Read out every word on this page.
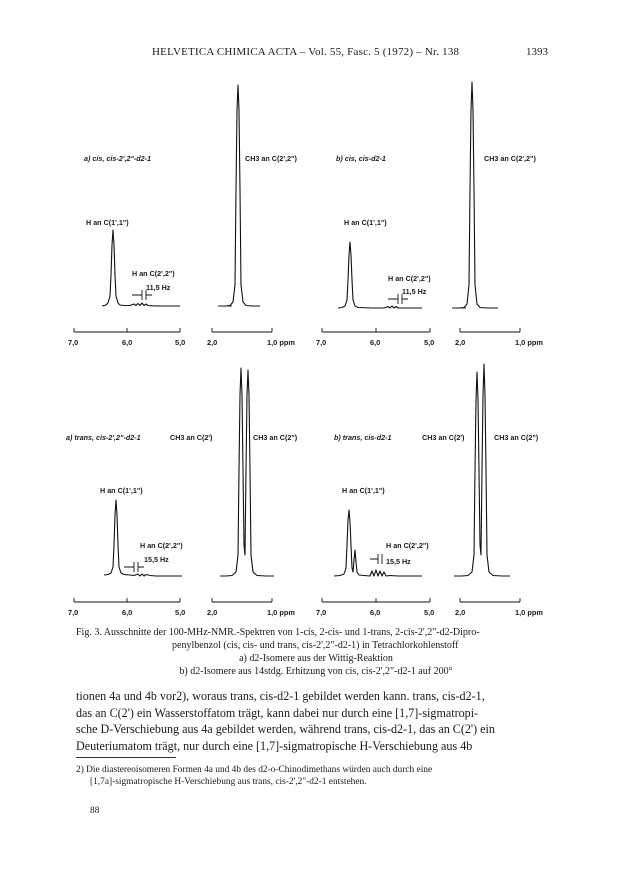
HELVETICA CHIMICA ACTA – Vol. 55, Fasc. 5 (1972) – Nr. 138	1393
a) cis, cis-2',2"-d2-1
H an C(1',1")
H an C(2',2")
11,5 Hz
CH3 an C(2',2")
7,0	6,0	5,0	2,0	1,0 ppm
b) cis, cis-d2-1
H an C(1',1")
H an C(2',2")
11,5 Hz
CH3 an C(2',2")
7,0	6,0	5,0	2,0	1,0 ppm
a) trans, cis-2',2"-d2-1	CH3 an C(2')	CH3 an C(2")
H an C(1',1")
H an C(2',2")
15,5 Hz
7,0	6,0	5,0	2,0	1,0 ppm
b) trans, cis-d2-1	CH3 an C(2')	CH3 an C(2")
H an C(1',1")
H an C(2',2")
15,5 Hz
7,0	6,0	5,0	2,0	1,0 ppm
Fig. 3. Ausschnitte der 100-MHz-NMR.-Spektren von 1-cis, 2-cis- und 1-trans, 2-cis-2',2"-d2-Dipro-
penylbenzol (cis, cis- und trans, cis-2',2"-d2-1) in Tetrachlorkohlenstoff
a) d2-Isomere aus der Wittig-Reaktion
b) d2-Isomere aus 14stdg. Erhitzung von cis, cis-2',2"-d2-1 auf 200°
tionen 4a und 4b vor2), woraus trans, cis-d2-1 gebildet werden kann. trans, cis-d2-1,
das an C(2') ein Wasserstoffatom trägt, kann dabei nur durch eine [1,7]-sigmatropi-
sche D-Verschiebung aus 4a gebildet werden, während trans, cis-d2-1, das an C(2') ein
Deuteriumatom trägt, nur durch eine [1,7]-sigmatropische H-Verschiebung aus 4b
2) Die diastereoisomeren Formen 4a und 4b des d2-o-Chinodimethans würden auch durch eine
[1,7a]-sigmatropische H-Verschiebung aus trans, cis-2',2"-d2-1 entstehen.
88
